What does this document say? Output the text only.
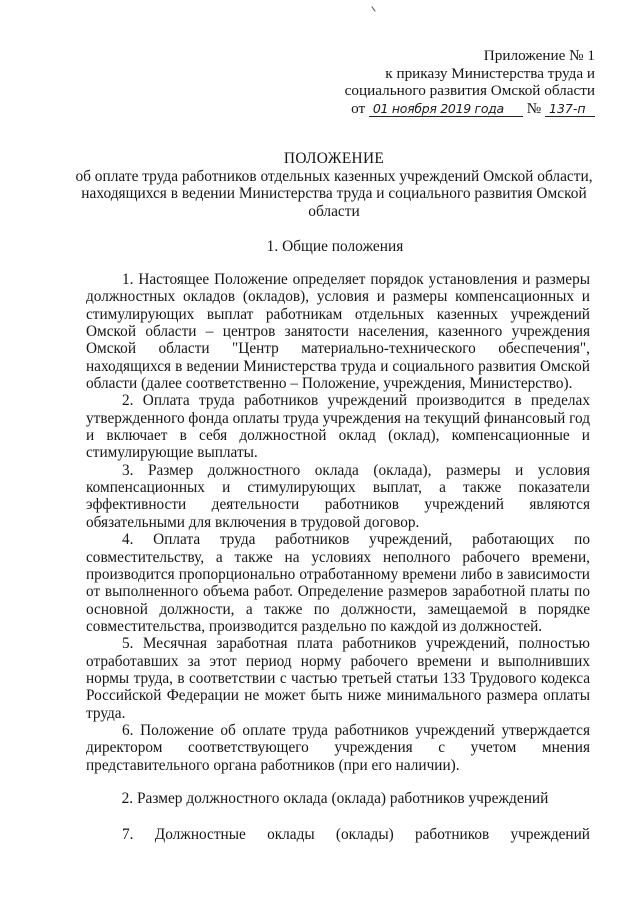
Приложение № 1
к приказу Министерства труда и
социального развития Омской области
от 01 ноября 2019 года № 137-п
ПОЛОЖЕНИЕ
об оплате труда работников отдельных казенных учреждений Омской области, находящихся в ведении Министерства труда и социального развития Омской области
1. Общие положения

1. Настоящее Положение определяет порядок установления и размеры должностных окладов (окладов), условия и размеры компенсационных и стимулирующих выплат работникам отдельных казенных учреждений Омской области – центров занятости населения, казенного учреждения Омской области "Центр материально-технического обеспечения", находящихся в ведении Министерства труда и социального развития Омской области (далее соответственно – Положение, учреждения, Министерство).

2. Оплата труда работников учреждений производится в пределах утвержденного фонда оплаты труда учреждения на текущий финансовый год и включает в себя должностной оклад (оклад), компенсационные и стимулирующие выплаты.

3. Размер должностного оклада (оклада), размеры и условия компенсационных и стимулирующих выплат, а также показатели эффективности деятельности работников учреждений являются обязательными для включения в трудовой договор.

4. Оплата труда работников учреждений, работающих по совместительству, а также на условиях неполного рабочего времени, производится пропорционально отработанному времени либо в зависимости от выполненного объема работ. Определение размеров заработной платы по основной должности, а также по должности, замещаемой в порядке совместительства, производится раздельно по каждой из должностей.

5. Месячная заработная плата работников учреждений, полностью отработавших за этот период норму рабочего времени и выполнивших нормы труда, в соответствии с частью третьей статьи 133 Трудового кодекса Российской Федерации не может быть ниже минимального размера оплаты труда.

6. Положение об оплате труда работников учреждений утверждается директором соответствующего учреждения с учетом мнения представительного органа работников (при его наличии).

2. Размер должностного оклада (оклада) работников учреждений
7. Должностные оклады (оклады) работников учреждений
